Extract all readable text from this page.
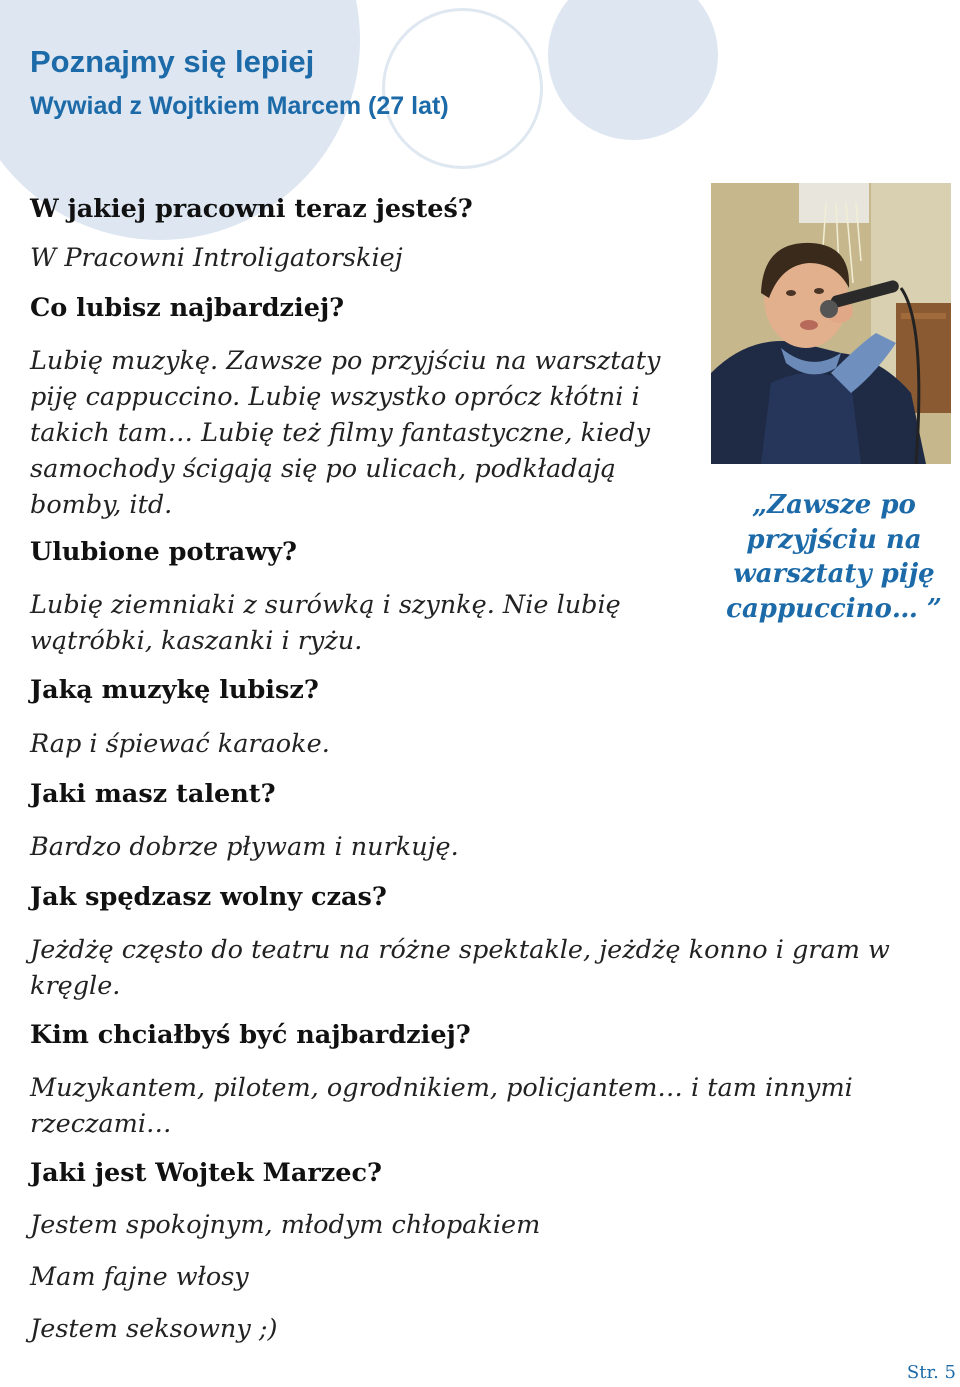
Poznajmy się lepiej
Wywiad z Wojtkiem Marcem (27 lat)

W jakiej pracowni teraz jesteś?

W Pracowni Introligatorskiej

Co lubisz najbardziej?

Lubię muzykę. Zawsze po przyjściu na warsztaty piję cappuccino. Lubię wszystko oprócz kłótni i takich tam… Lubię też filmy fantastyczne, kiedy samochody ścigają się po ulicach, podkładają bomby, itd.

Ulubione potrawy?

Lubię ziemniaki z surówką i szynkę. Nie lubię wątróbki, kaszanki i ryżu.

Jaką muzykę lubisz?

Rap i śpiewać karaoke.

Jaki masz talent?

Bardzo dobrze pływam i nurkuję.

Jak spędzasz wolny czas?

Jeżdżę często do teatru na różne spektakle, jeżdżę konno i gram w kręgle.

Kim chciałbyś być najbardziej?

Muzykantem, pilotem, ogrodnikiem, policjantem… i tam innymi rzeczami…

Jaki jest Wojtek Marzec?

Jestem spokojnym, młodym chłopakiem

Mam fajne włosy

Jestem seksowny ;)

„Zawsze po przyjściu na warsztaty piję cappuccino… ”
Str. 5
